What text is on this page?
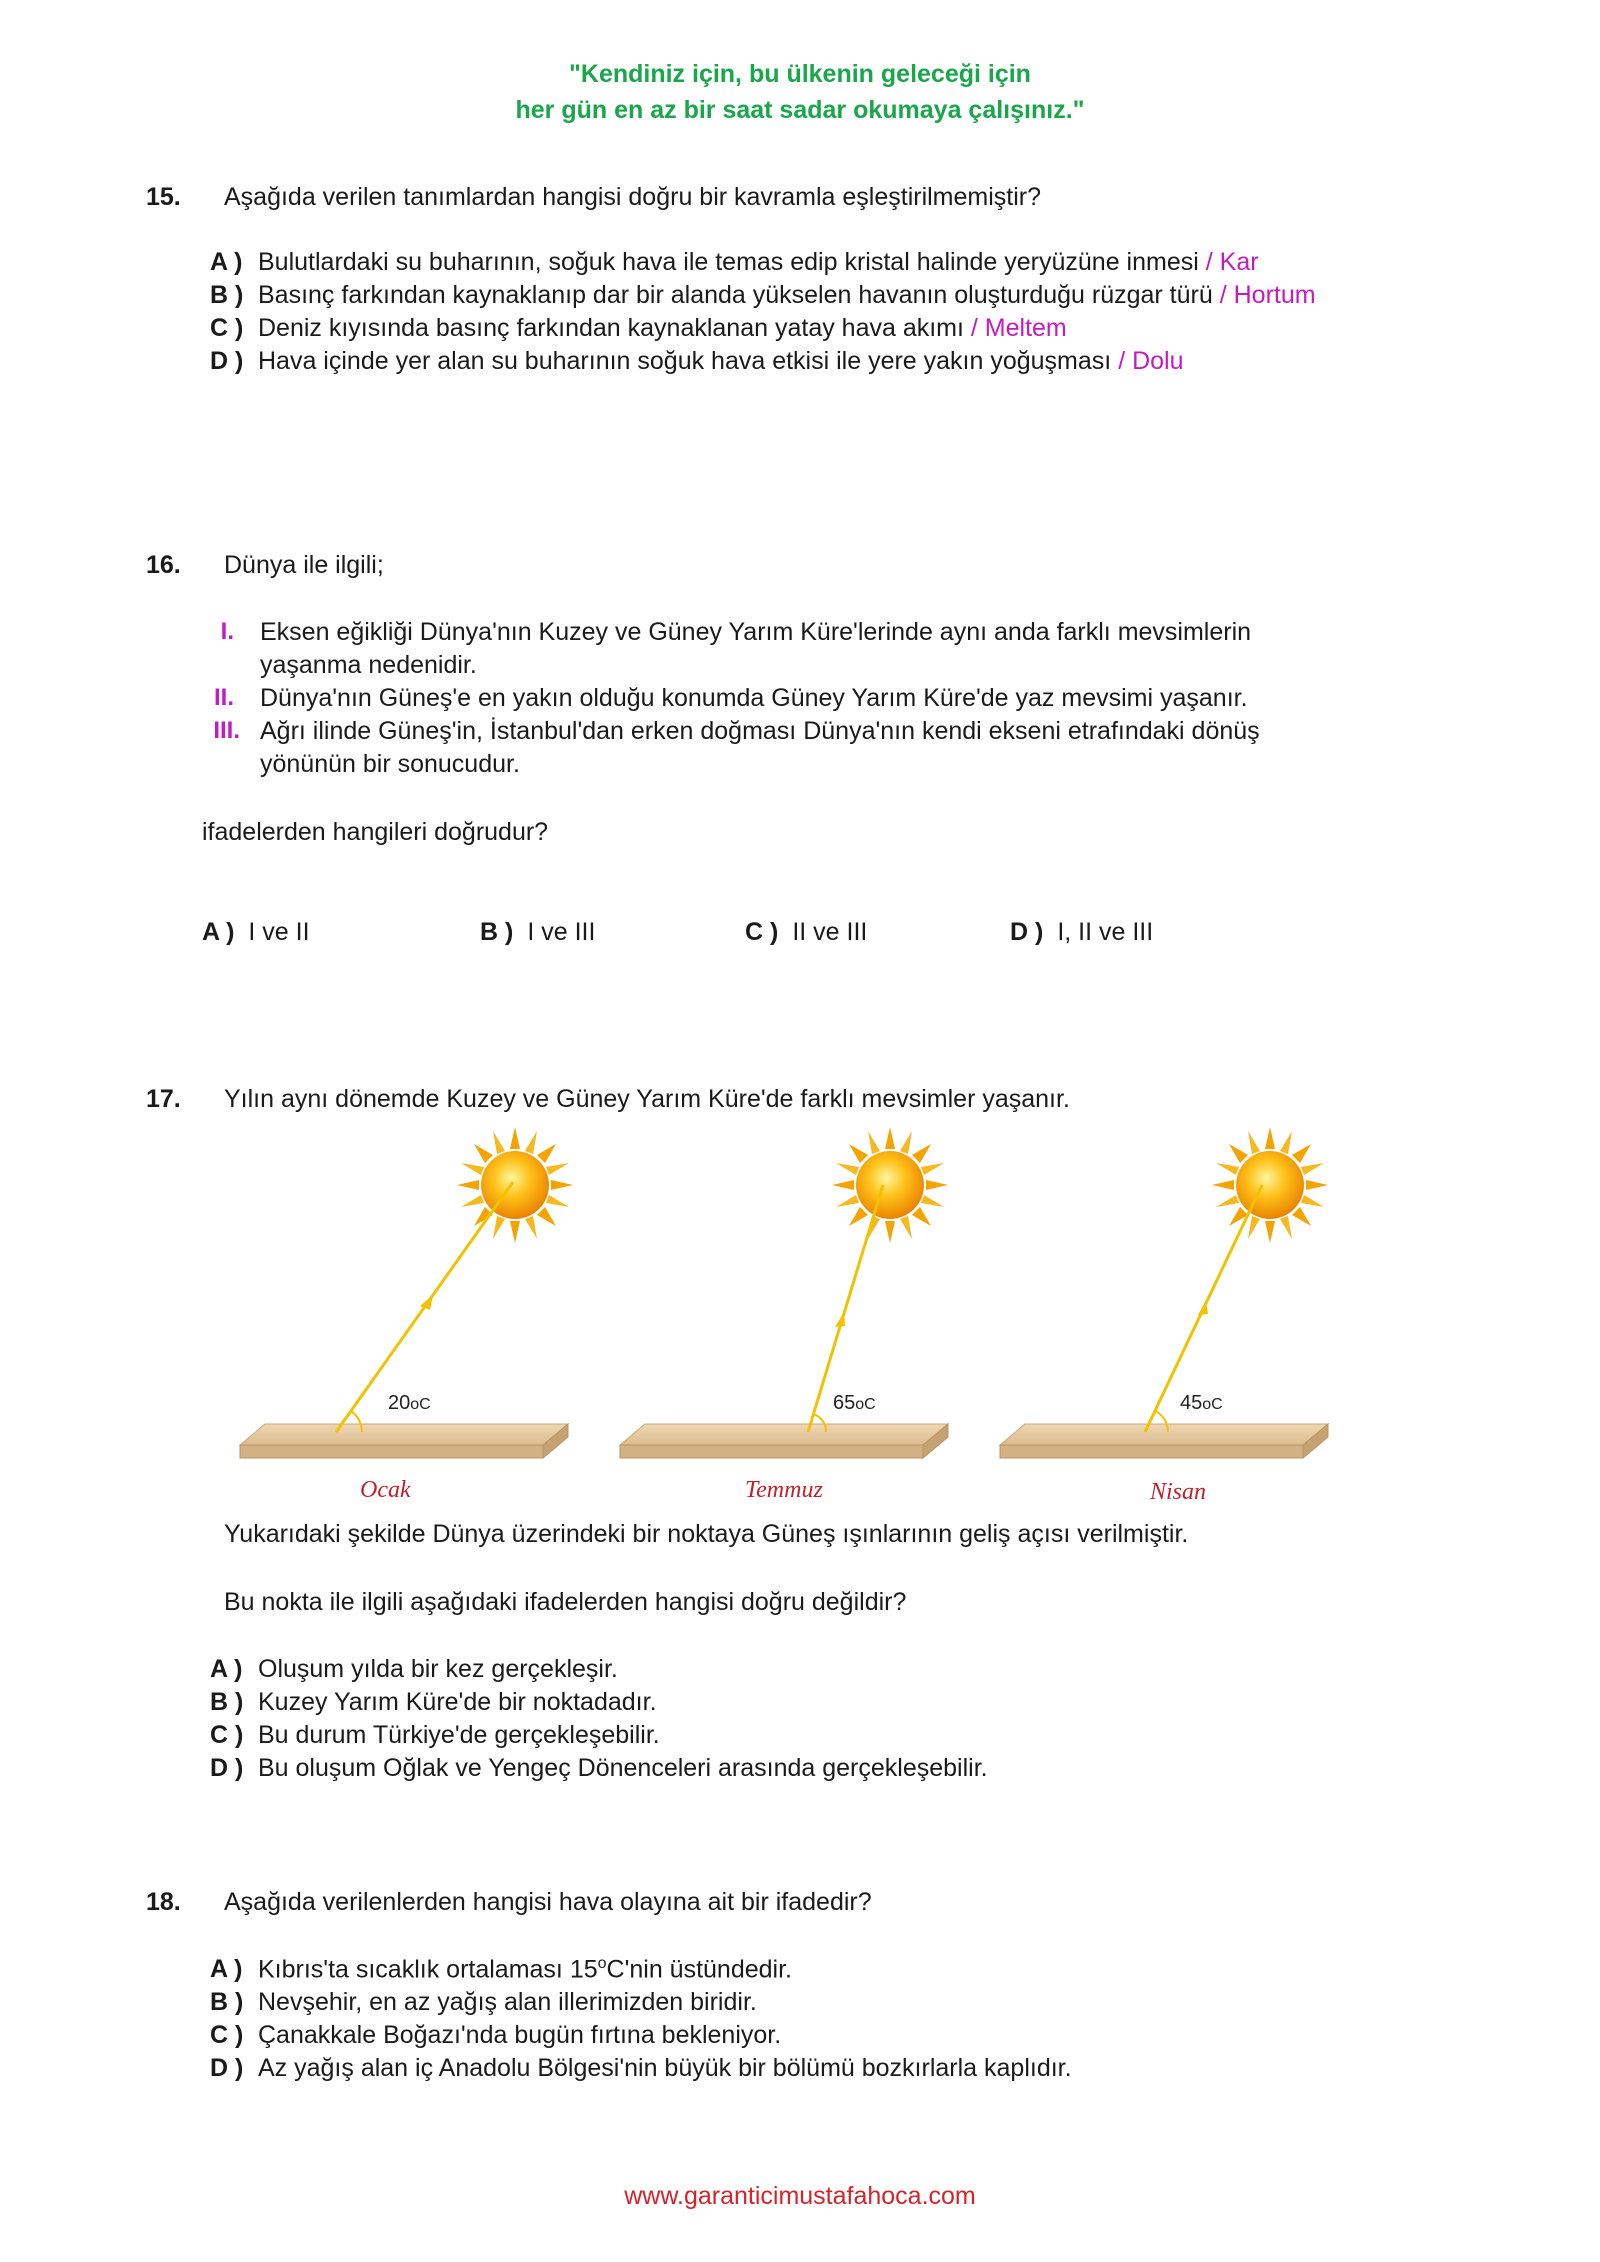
"Kendiniz için, bu ülkenin geleceği için
her gün en az bir saat sadar okumaya çalışınız."
15. Aşağıda verilen tanımlardan hangisi doğru bir kavramla eşleştirilmemiştir?
A ) Bulutlardaki su buharının, soğuk hava ile temas edip kristal halinde yeryüzüne inmesi / Kar
B ) Basınç farkından kaynaklanıp dar bir alanda yükselen havanın oluşturduğu rüzgar türü / Hortum
C ) Deniz kıyısında basınç farkından kaynaklanan yatay hava akımı / Meltem
D ) Hava içinde yer alan su buharının soğuk hava etkisi ile yere yakın yoğuşması / Dolu
16. Dünya ile ilgili;
I. Eksen eğikliği Dünya'nın Kuzey ve Güney Yarım Küre'lerinde aynı anda farklı mevsimlerin
yaşanma nedenidir.
II. Dünya'nın Güneş'e en yakın olduğu konumda Güney Yarım Küre'de yaz mevsimi yaşanır.
III. Ağrı ilinde Güneş'in, İstanbul'dan erken doğması Dünya'nın kendi ekseni etrafındaki dönüş
yönünün bir sonucudur.
ifadelerden hangileri doğrudur?
A ) I ve II	B ) I ve III	C ) II ve III	D ) I, II ve III
17. Yılın aynı dönemde Kuzey ve Güney Yarım Küre'de farklı mevsimler yaşanır.
20oC	65oC	45oC
Ocak	Temmuz	Nisan
Yukarıdaki şekilde Dünya üzerindeki bir noktaya Güneş ışınlarının geliş açısı verilmiştir.
Bu nokta ile ilgili aşağıdaki ifadelerden hangisi doğru değildir?
A ) Oluşum yılda bir kez gerçekleşir.
B ) Kuzey Yarım Küre'de bir noktadadır.
C ) Bu durum Türkiye'de gerçekleşebilir.
D ) Bu oluşum Oğlak ve Yengeç Dönenceleri arasında gerçekleşebilir.
18. Aşağıda verilenlerden hangisi hava olayına ait bir ifadedir?
A ) Kıbrıs'ta sıcaklık ortalaması 15$^o$C'nin üstündedir.
B ) Nevşehir, en az yağış alan illerimizden biridir.
C ) Çanakkale Boğazı'nda bugün fırtına bekleniyor.
D ) Az yağış alan iç Anadolu Bölgesi'nin büyük bir bölümü bozkırlarla kaplıdır.
www.garanticimustafahoca.com
